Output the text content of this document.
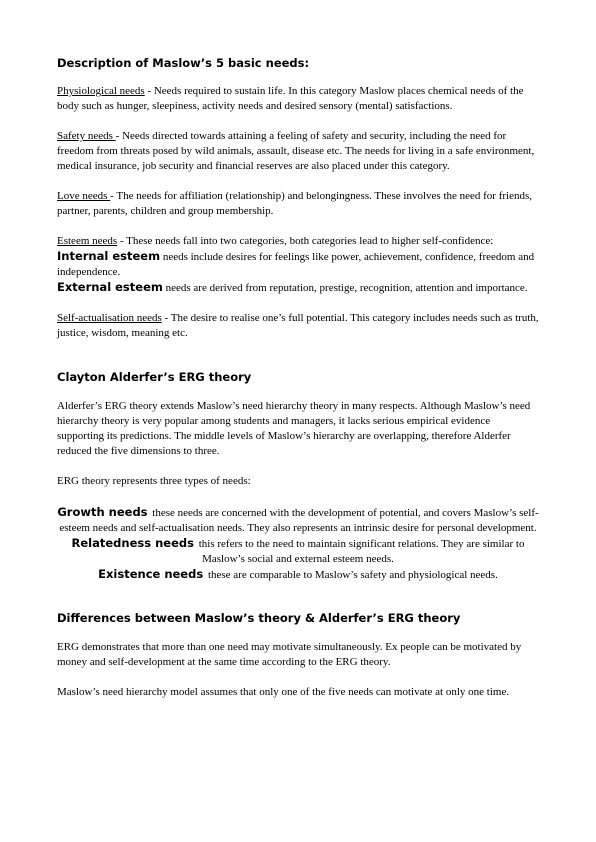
Description of Maslow’s 5 basic needs:

Physiological needs - Needs required to sustain life. In this category Maslow places chemical needs of the body such as hunger, sleepiness, activity needs and desired sensory (mental) satisfactions.

Safety needs - Needs directed towards attaining a feeling of safety and security, including the need for freedom from threats posed by wild animals, assault, disease etc. The needs for living in a safe environment, medical insurance, job security and financial reserves are also placed under this category.

Love needs - The needs for affiliation (relationship) and belongingness. These involves the need for friends, partner, parents, children and group membership.

Esteem needs - These needs fall into two categories, both categories lead to higher self-confidence:

Internal esteem needs include desires for feelings like power, achievement, confidence, freedom and independence.

External esteem needs are derived from reputation, prestige, recognition, attention and importance.

Self-actualisation needs - The desire to realise one’s full potential. This category includes needs such as truth, justice, wisdom, meaning etc.

Clayton Alderfer’s ERG theory

Alderfer’s ERG theory extends Maslow’s need hierarchy theory in many respects. Although Maslow’s need hierarchy theory is very popular among students and managers, it lacks serious empirical evidence supporting its predictions. The middle levels of Maslow’s hierarchy are overlapping, therefore Alderfer reduced the five dimensions to three.

ERG theory represents three types of needs:

Growth needs these needs are concerned with the development of potential, and covers Maslow’s self-esteem needs and self-actualisation needs. They also represents an intrinsic desire for personal development.

Relatedness needs this refers to the need to maintain significant relations. They are similar to Maslow’s social and external esteem needs.

Existence needs these are comparable to Maslow’s safety and physiological needs.

Differences between Maslow’s theory & Alderfer’s ERG theory

ERG demonstrates that more than one need may motivate simultaneously. Ex people can be motivated by money and self-development at the same time according to the ERG theory.

Maslow’s need hierarchy model assumes that only one of the five needs can motivate at only one time.
